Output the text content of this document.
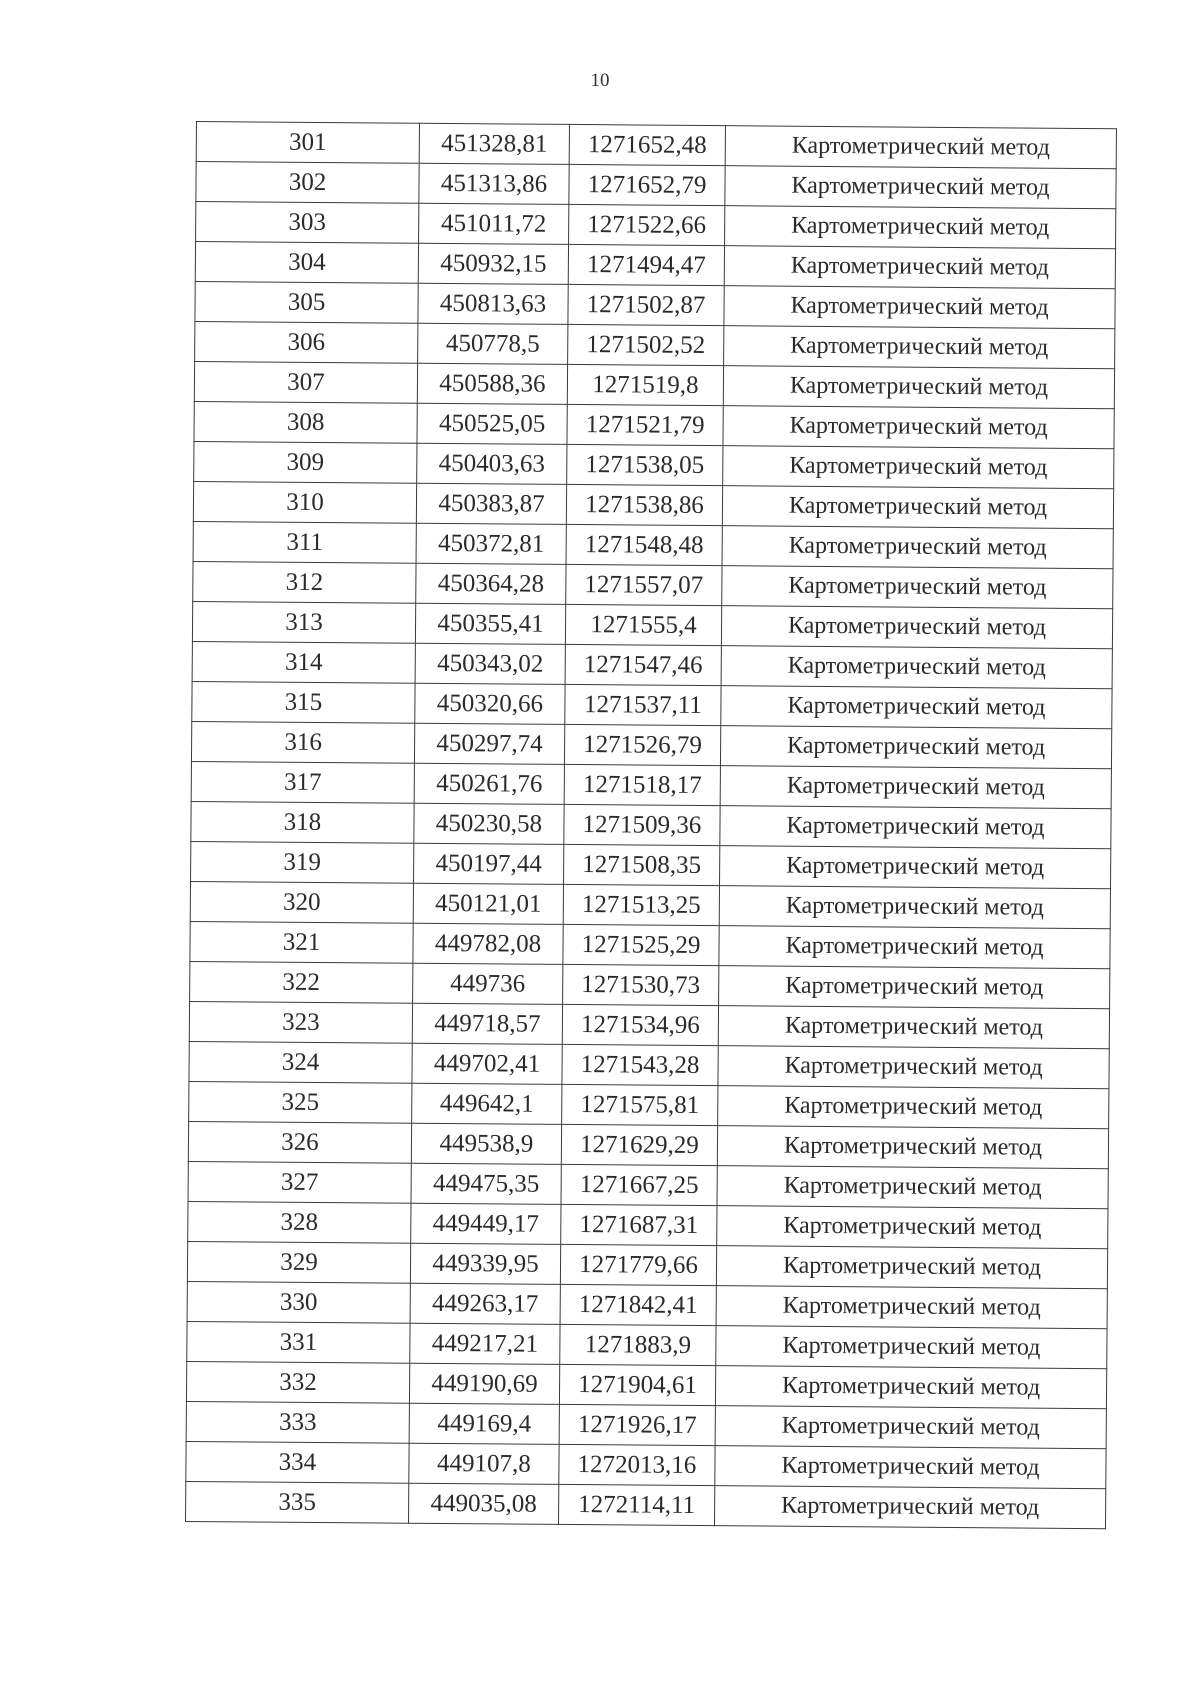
10
301	451328,81	1271652,48	Картометрический метод
302	451313,86	1271652,79	Картометрический метод
303	451011,72	1271522,66	Картометрический метод
304	450932,15	1271494,47	Картометрический метод
305	450813,63	1271502,87	Картометрический метод
306	450778,5	1271502,52	Картометрический метод
307	450588,36	1271519,8	Картометрический метод
308	450525,05	1271521,79	Картометрический метод
309	450403,63	1271538,05	Картометрический метод
310	450383,87	1271538,86	Картометрический метод
311	450372,81	1271548,48	Картометрический метод
312	450364,28	1271557,07	Картометрический метод
313	450355,41	1271555,4	Картометрический метод
314	450343,02	1271547,46	Картометрический метод
315	450320,66	1271537,11	Картометрический метод
316	450297,74	1271526,79	Картометрический метод
317	450261,76	1271518,17	Картометрический метод
318	450230,58	1271509,36	Картометрический метод
319	450197,44	1271508,35	Картометрический метод
320	450121,01	1271513,25	Картометрический метод
321	449782,08	1271525,29	Картометрический метод
322	449736	1271530,73	Картометрический метод
323	449718,57	1271534,96	Картометрический метод
324	449702,41	1271543,28	Картометрический метод
325	449642,1	1271575,81	Картометрический метод
326	449538,9	1271629,29	Картометрический метод
327	449475,35	1271667,25	Картометрический метод
328	449449,17	1271687,31	Картометрический метод
329	449339,95	1271779,66	Картометрический метод
330	449263,17	1271842,41	Картометрический метод
331	449217,21	1271883,9	Картометрический метод
332	449190,69	1271904,61	Картометрический метод
333	449169,4	1271926,17	Картометрический метод
334	449107,8	1272013,16	Картометрический метод
335	449035,08	1272114,11	Картометрический метод
